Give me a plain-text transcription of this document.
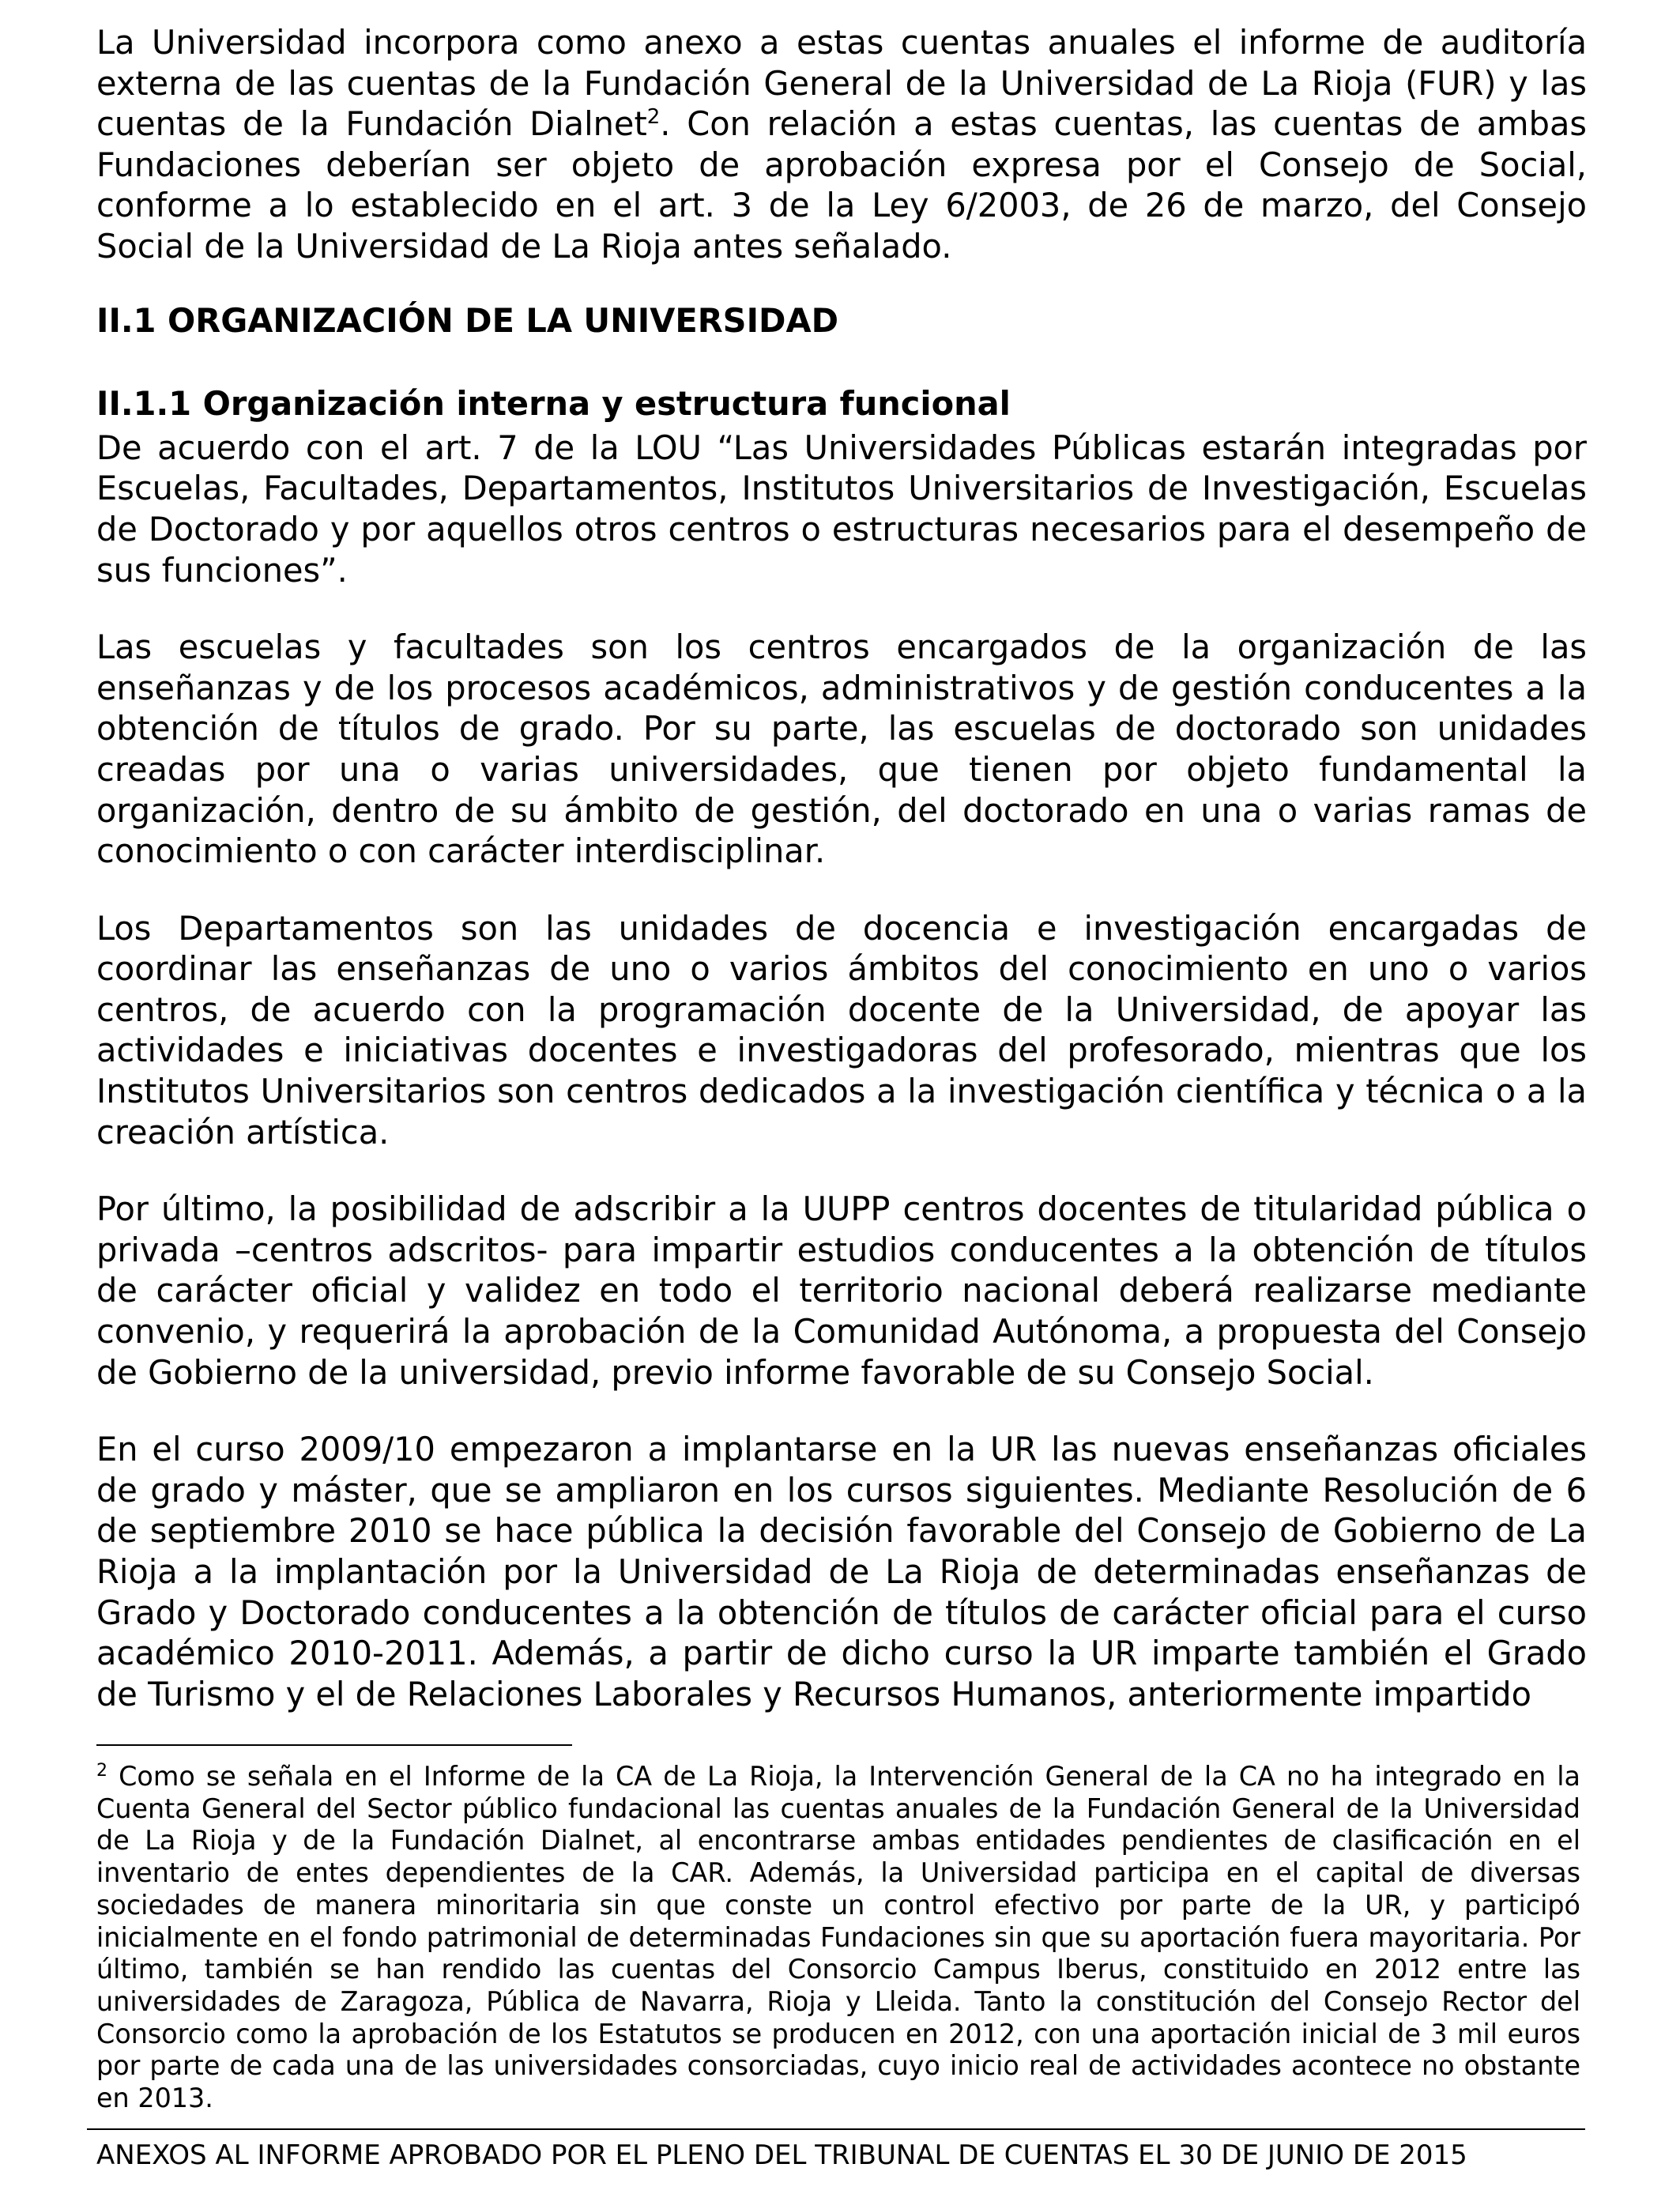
La Universidad incorpora como anexo a estas cuentas anuales el informe de auditoría externa de las cuentas de la Fundación General de la Universidad de La Rioja (FUR) y las cuentas de la Fundación Dialnet$^2$. Con relación a estas cuentas, las cuentas de ambas Fundaciones deberían ser objeto de aprobación expresa por el Consejo de Social, conforme a lo establecido en el art. 3 de la Ley 6/2003, de 26 de marzo, del Consejo Social de la Universidad de La Rioja antes señalado.

II.1 ORGANIZACIÓN DE LA UNIVERSIDAD

II.1.1 Organización interna y estructura funcional

De acuerdo con el art. 7 de la LOU “Las Universidades Públicas estarán integradas por Escuelas, Facultades, Departamentos, Institutos Universitarios de Investigación, Escuelas de Doctorado y por aquellos otros centros o estructuras necesarios para el desempeño de sus funciones”.

Las escuelas y facultades son los centros encargados de la organización de las enseñanzas y de los procesos académicos, administrativos y de gestión conducentes a la obtención de títulos de grado. Por su parte, las escuelas de doctorado son unidades creadas por una o varias universidades, que tienen por objeto fundamental la organización, dentro de su ámbito de gestión, del doctorado en una o varias ramas de conocimiento o con carácter interdisciplinar.

Los Departamentos son las unidades de docencia e investigación encargadas de coordinar las enseñanzas de uno o varios ámbitos del conocimiento en uno o varios centros, de acuerdo con la programación docente de la Universidad, de apoyar las actividades e iniciativas docentes e investigadoras del profesorado, mientras que los Institutos Universitarios son centros dedicados a la investigación científica y técnica o a la creación artística.

Por último, la posibilidad de adscribir a la UUPP centros docentes de titularidad pública o privada –centros adscritos- para impartir estudios conducentes a la obtención de títulos de carácter oficial y validez en todo el territorio nacional deberá realizarse mediante convenio, y requerirá la aprobación de la Comunidad Autónoma, a propuesta del Consejo de Gobierno de la universidad, previo informe favorable de su Consejo Social.

En el curso 2009/10 empezaron a implantarse en la UR las nuevas enseñanzas oficiales de grado y máster, que se ampliaron en los cursos siguientes. Mediante Resolución de 6 de septiembre 2010 se hace pública la decisión favorable del Consejo de Gobierno de La Rioja a la implantación por la Universidad de La Rioja de determinadas enseñanzas de Grado y Doctorado conducentes a la obtención de títulos de carácter oficial para el curso académico 2010-2011. Además, a partir de dicho curso la UR imparte también el Grado de Turismo y el de Relaciones Laborales y Recursos Humanos, anteriormente impartido

$^2$ Como se señala en el Informe de la CA de La Rioja, la Intervención General de la CA no ha integrado en la Cuenta General del Sector público fundacional las cuentas anuales de la Fundación General de la Universidad de La Rioja y de la Fundación Dialnet, al encontrarse ambas entidades pendientes de clasificación en el inventario de entes dependientes de la CAR. Además, la Universidad participa en el capital de diversas sociedades de manera minoritaria sin que conste un control efectivo por parte de la UR, y participó inicialmente en el fondo patrimonial de determinadas Fundaciones sin que su aportación fuera mayoritaria. Por último, también se han rendido las cuentas del Consorcio Campus Iberus, constituido en 2012 entre las universidades de Zaragoza, Pública de Navarra, Rioja y Lleida. Tanto la constitución del Consejo Rector del Consorcio como la aprobación de los Estatutos se producen en 2012, con una aportación inicial de 3 mil euros por parte de cada una de las universidades consorciadas, cuyo inicio real de actividades acontece no obstante en 2013.

ANEXOS AL INFORME APROBADO POR EL PLENO DEL TRIBUNAL DE CUENTAS EL 30 DE JUNIO DE 2015
